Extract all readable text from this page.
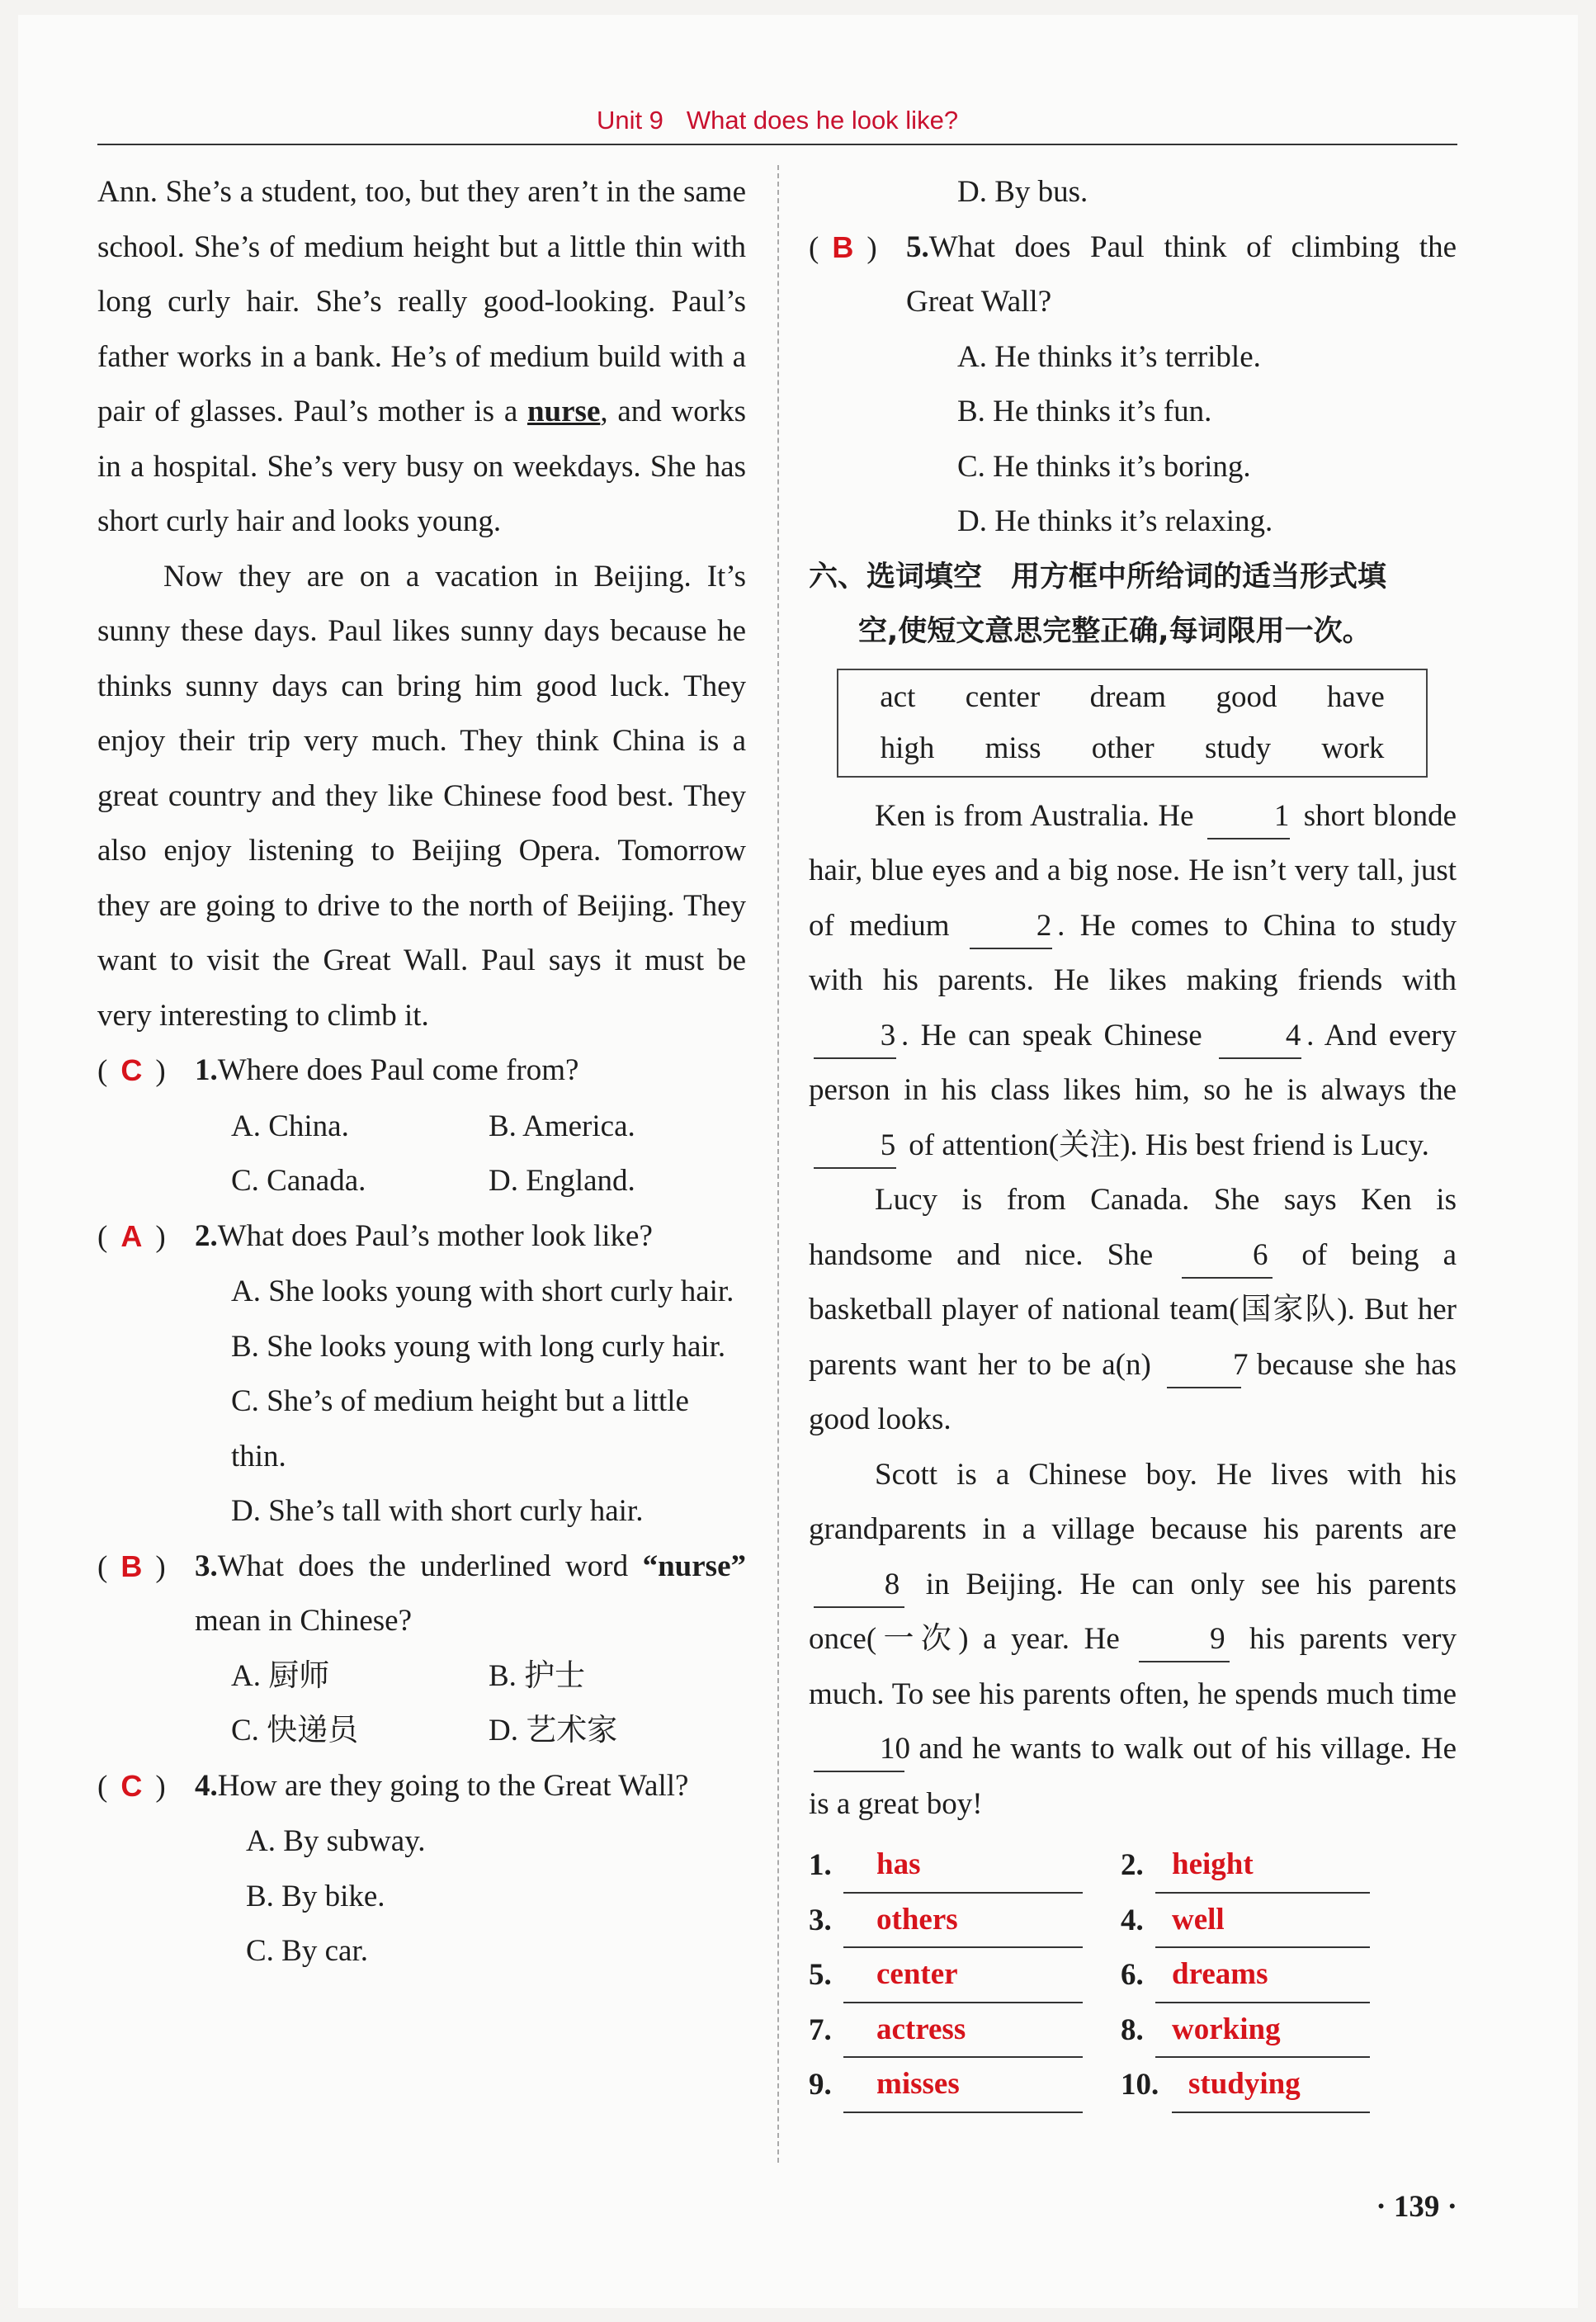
Unit 9 What does he look like?

Ann. She’s a student, too, but they aren’t in the same school. She’s of medium height but a little thin with long curly hair. She’s really good-looking. Paul’s father works in a bank. He’s of medium build with a pair of glasses. Paul’s mother is a nurse, and works in a hospital. She’s very busy on weekdays. She has short curly hair and looks young.

Now they are on a vacation in Beijing. It’s sunny these days. Paul likes sunny days because he thinks sunny days can bring him good luck. They enjoy their trip very much. They think China is a great country and they like Chinese food best. They also enjoy listening to Beijing Opera. Tomorrow they are going to drive to the north of Beijing. They want to visit the Great Wall. Paul says it must be very interesting to climb it.

( C ) 1.Where does Paul come from?
A. China.	B. America.
C. Canada.	D. England.
( A ) 2.What does Paul’s mother look like?
A. She looks young with short curly hair.
B. She looks young with long curly hair.
C. She’s of medium height but a little thin.
D. She’s tall with short curly hair.
( B ) 3.What does the underlined word “nurse” mean in Chinese?
A. 厨师	B. 护士
C. 快递员	D. 艺术家
( C ) 4.How are they going to the Great Wall?
A. By subway.
B. By bike.
C. By car.
D. By bus.
( B ) 5.What does Paul think of climbing the Great Wall?
A. He thinks it’s terrible.
B. He thinks it’s fun.
C. He thinks it’s boring.
D. He thinks it’s relaxing.
六、选词填空　用方框中所给词的适当形式填
空,使短文意思完整正确,每词限用一次。
act center dream good have
high miss other study work

Ken is from Australia. He 1 short blonde hair, blue eyes and a big nose. He isn’t very tall, just of medium 2 . He comes to China to study with his parents. He likes making friends with 3 . He can speak Chinese 4 . And every person in his class likes him, so he is always the 5 of attention(关注). His best friend is Lucy.

Lucy is from Canada. She says Ken is handsome and nice. She 6 of being a basketball player of national team(国家队). But her parents want her to be a(n) 7 because she has good looks.

Scott is a Chinese boy. He lives with his grandparents in a village because his parents are 8 in Beijing. He can only see his parents once(一次) a year. He 9 his parents very much. To see his parents often, he spends much time 10 and he wants to walk out of his village. He is a great boy!

1.	has	2. height
3.	others	4. well
5.	center	6. dreams
7.	actress	8. working
9.	misses	10. studying
· 139 ·
